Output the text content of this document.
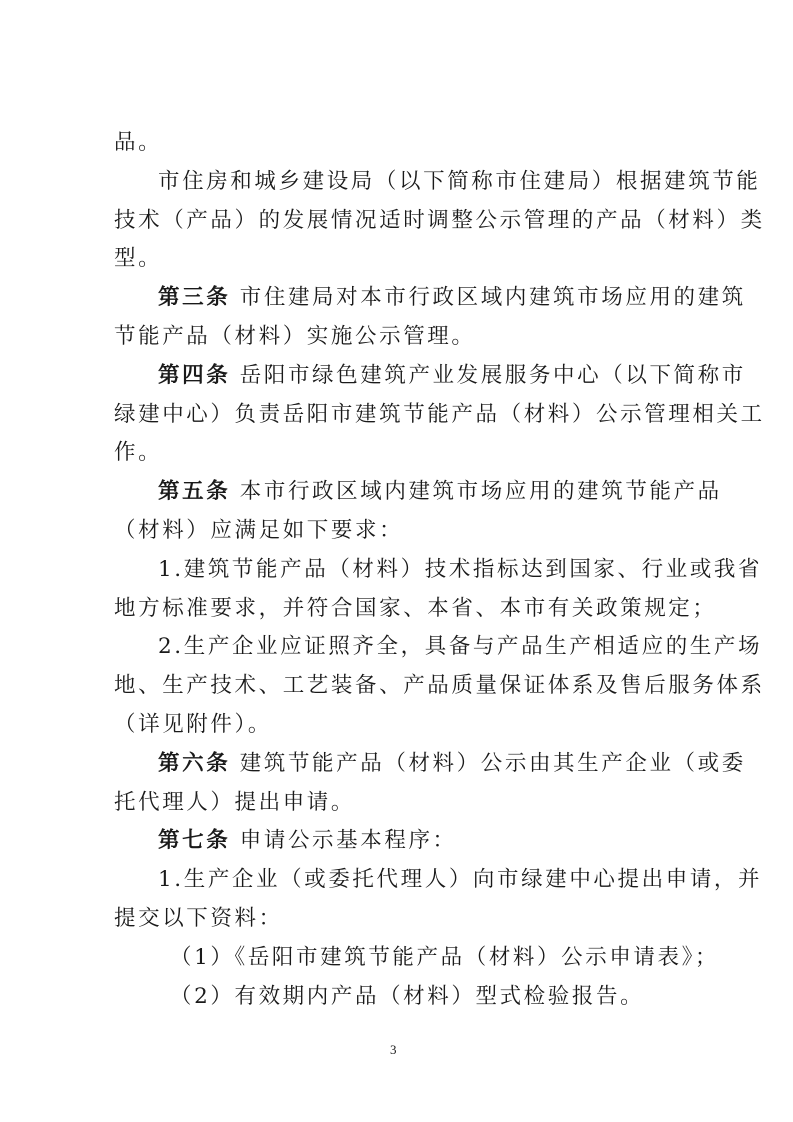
品。
市住房和城乡建设局（以下简称市住建局）根据建筑节能
技术（产品）的发展情况适时调整公示管理的产品（材料）类
型。
第三条 市住建局对本市行政区域内建筑市场应用的建筑
节能产品（材料）实施公示管理。
第四条 岳阳市绿色建筑产业发展服务中心（以下简称市
绿建中心）负责岳阳市建筑节能产品（材料）公示管理相关工
作。
第五条 本市行政区域内建筑市场应用的建筑节能产品
（材料）应满足如下要求：
1.建筑节能产品（材料）技术指标达到国家、行业或我省
地方标准要求，并符合国家、本省、本市有关政策规定；
2.生产企业应证照齐全，具备与产品生产相适应的生产场
地、生产技术、工艺装备、产品质量保证体系及售后服务体系
（详见附件）。
第六条 建筑节能产品（材料）公示由其生产企业（或委
托代理人）提出申请。
第七条 申请公示基本程序：
1.生产企业（或委托代理人）向市绿建中心提出申请，并
提交以下资料：
（1）《岳阳市建筑节能产品（材料）公示申请表》；
（2）有效期内产品（材料）型式检验报告。
3
